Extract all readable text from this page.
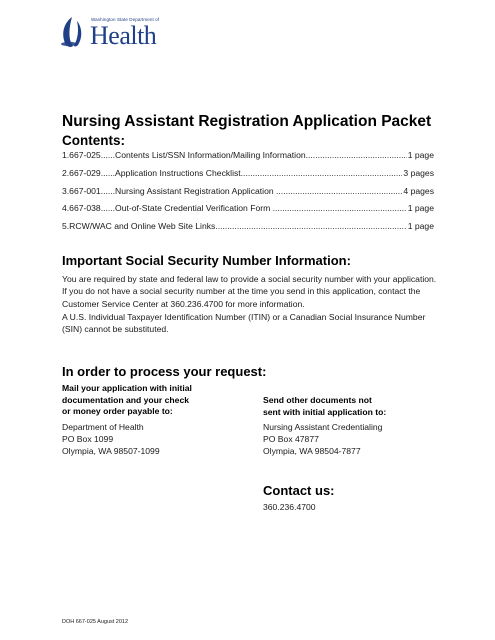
Washington State Department of
Health
Nursing Assistant Registration Application Packet
Contents:
1. 667-025 ...... Contents List/SSN Information/Mailing Information .....	1 page
2. 667-029 ...... Application Instructions Checklist .....	3 pages
3. 667-001 ...... Nursing Assistant Registration Application .....	4 pages
4. 667-038 ...... Out-of-State Credential Verification Form .....	1 page
5. RCW/WAC and Online Web Site Links .....	1 page
Important Social Security Number Information:
You are required by state and federal law to provide a social security number with your application. If you do not have a social security number at the time you send in this application, contact the Customer Service Center at 360.236.4700 for more information.
A U.S. Individual Taxpayer Identification Number (ITIN) or a Canadian Social Insurance Number (SIN) cannot be substituted.
In order to process your request:
Mail your application with initial
documentation and your check
or money order payable to:
Department of Health
PO Box 1099
Olympia, WA 98507-1099
Send other documents not
sent with initial application to:
Nursing Assistant Credentialing
PO Box 47877
Olympia, WA 98504-7877
Contact us:
360.236.4700
DOH 667-025 August 2012
